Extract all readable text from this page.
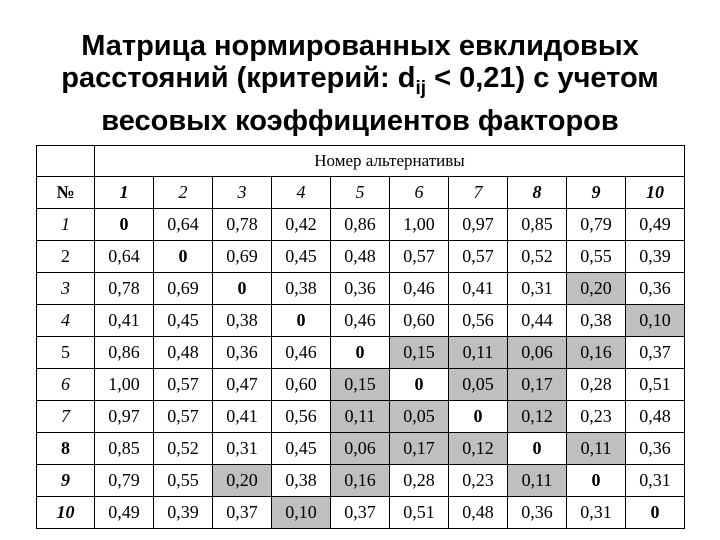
Матрица нормированных евклидовых
расстояний (критерий: $d_{ij} < 0,21$) с учетом
весовых коэффициентов факторов
	Номер альтернативы									
№	1	2	3	4	5	6	7	8	9	10
1	0	0,64	0,78	0,42	0,86	1,00	0,97	0,85	0,79	0,49
2	0,64	0	0,69	0,45	0,48	0,57	0,57	0,52	0,55	0,39
3	0,78	0,69	0	0,38	0,36	0,46	0,41	0,31	0,20	0,36
4	0,41	0,45	0,38	0	0,46	0,60	0,56	0,44	0,38	0,10
5	0,86	0,48	0,36	0,46	0	0,15	0,11	0,06	0,16	0,37
6	1,00	0,57	0,47	0,60	0,15	0	0,05	0,17	0,28	0,51
7	0,97	0,57	0,41	0,56	0,11	0,05	0	0,12	0,23	0,48
8	0,85	0,52	0,31	0,45	0,06	0,17	0,12	0	0,11	0,36
9	0,79	0,55	0,20	0,38	0,16	0,28	0,23	0,11	0	0,31
10	0,49	0,39	0,37	0,10	0,37	0,51	0,48	0,36	0,31	0
